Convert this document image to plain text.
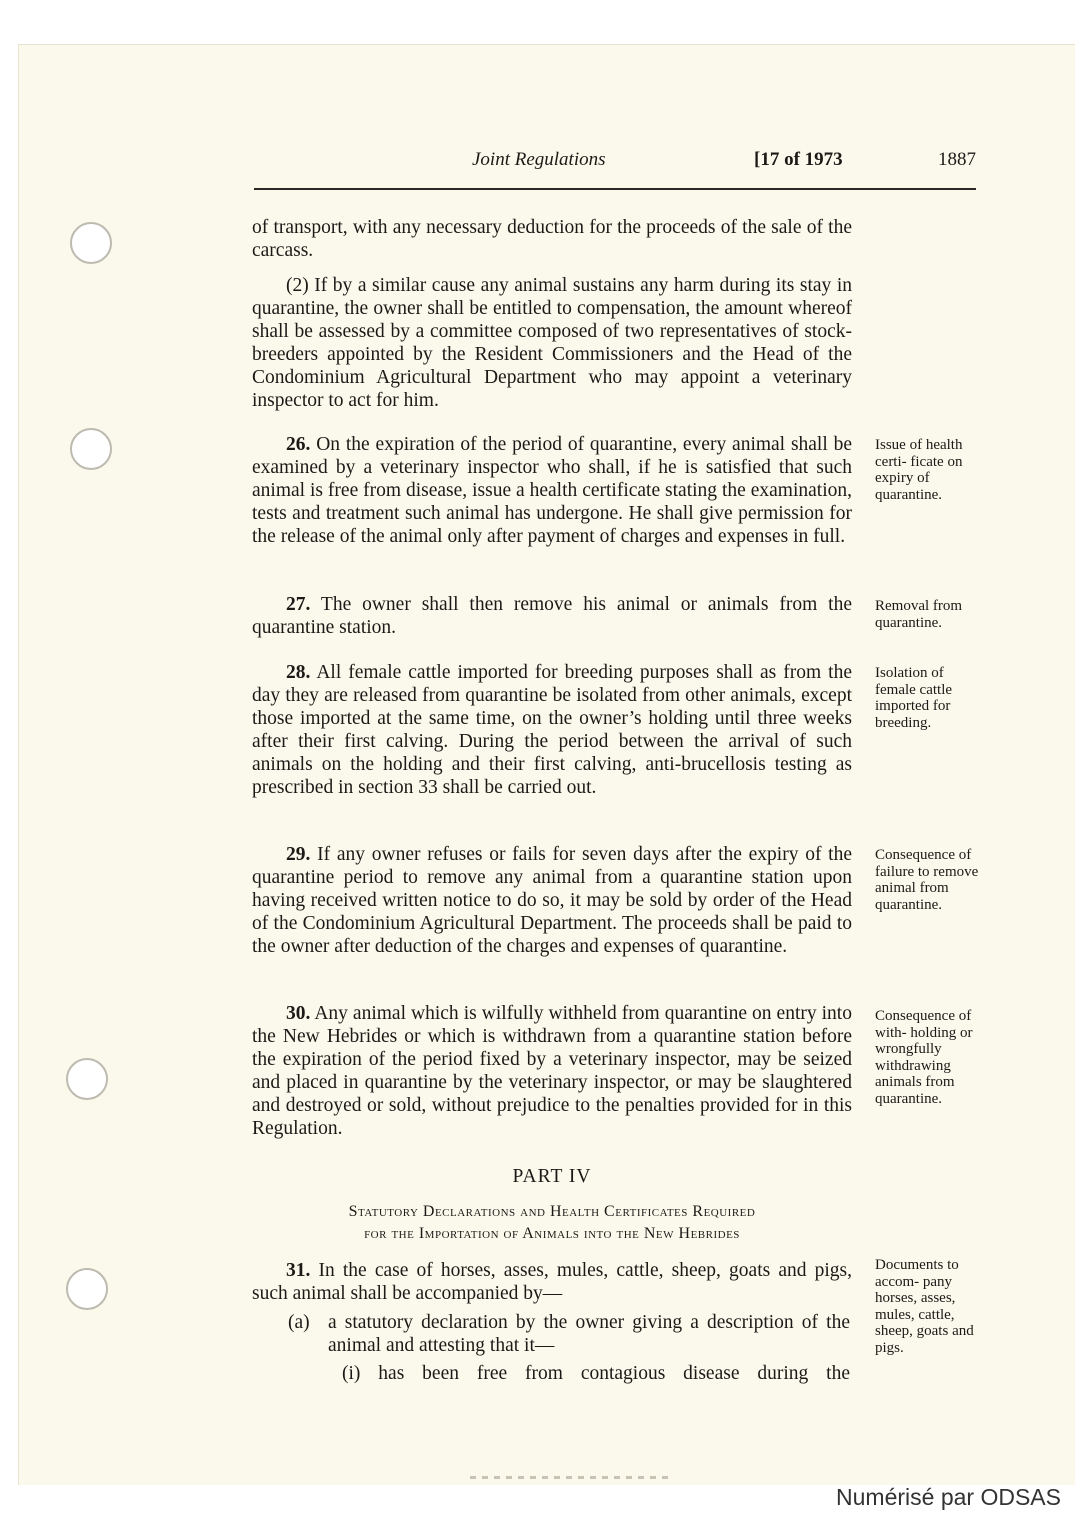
Joint Regulations	[17 of 1973	1887

of transport, with any necessary deduction for the proceeds of the sale of the carcass.

(2) If by a similar cause any animal sustains any harm during its stay in quarantine, the owner shall be entitled to compensation, the amount whereof shall be assessed by a committee composed of two representatives of stock-breeders appointed by the Resident Commissioners and the Head of the Condominium Agricultural Department who may appoint a veterinary inspector to act for him.

26. On the expiration of the period of quarantine, every animal shall be examined by a veterinary inspector who shall, if he is satisfied that such animal is free from disease, issue a health certificate stating the examination, tests and treatment such animal has undergone. He shall give permission for the release of the animal only after payment of charges and expenses in full.

Issue of health certi- ficate on expiry of quarantine.

27. The owner shall then remove his animal or animals from the quarantine station.

Removal from quarantine.

28. All female cattle imported for breeding purposes shall as from the day they are released from quarantine be isolated from other animals, except those imported at the same time, on the owner’s holding until three weeks after their first calving. During the period between the arrival of such animals on the holding and their first calving, anti-brucellosis testing as prescribed in section 33 shall be carried out.

Isolation of female cattle imported for breeding.

29. If any owner refuses or fails for seven days after the expiry of the quarantine period to remove any animal from a quarantine station upon having received written notice to do so, it may be sold by order of the Head of the Condominium Agricultural Department. The proceeds shall be paid to the owner after deduction of the charges and expenses of quarantine.

Consequence of failure to remove animal from quarantine.

30. Any animal which is wilfully withheld from quarantine on entry into the New Hebrides or which is withdrawn from a quarantine station before the expiration of the period fixed by a veterinary inspector, may be seized and placed in quarantine by the veterinary inspector, or may be slaughtered and destroyed or sold, without prejudice to the penalties provided for in this Regulation.

Consequence of with- holding or wrongfully withdrawing animals from quarantine.

PART IV

Statutory Declarations and Health Certificates Required

for the Importation of Animals into the New Hebrides

31. In the case of horses, asses, mules, cattle, sheep, goats and pigs, such animal shall be accompanied by—

Documents to accom- pany horses, asses, mules, cattle, sheep, goats and pigs.

(a) a statutory declaration by the owner giving a description of the animal and attesting that it—

(i) has been free from contagious disease during the

Numérisé par ODSAS
